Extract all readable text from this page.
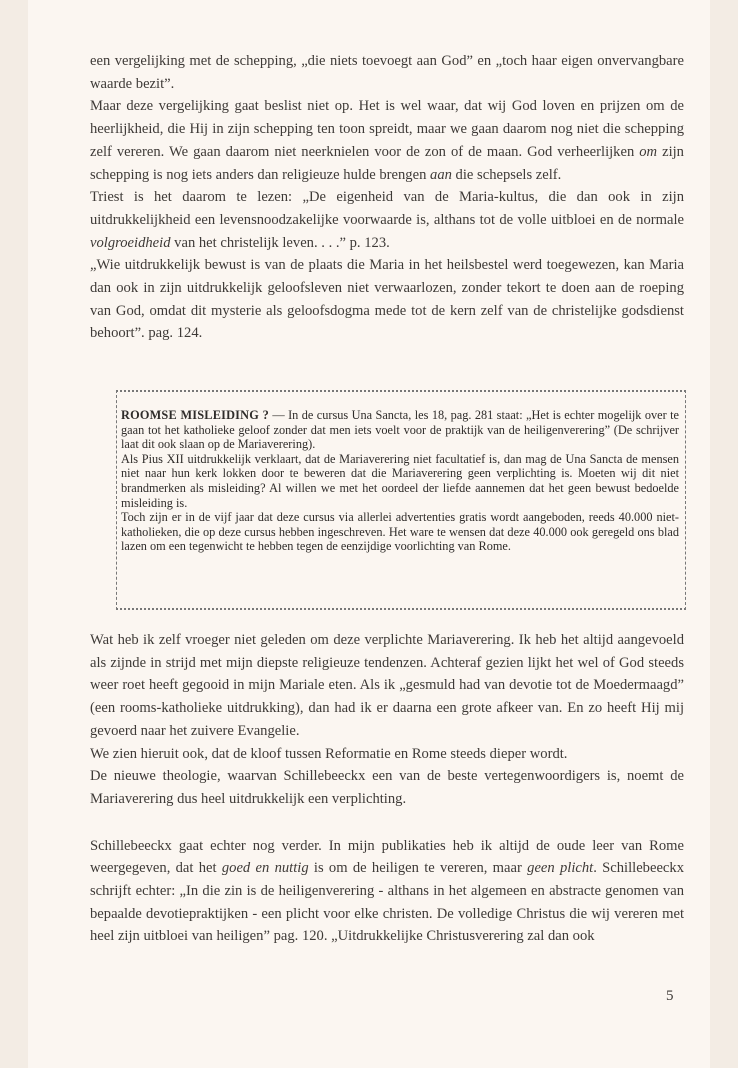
een vergelijking met de schepping, „die niets toevoegt aan God” en „toch haar eigen onvervangbare waarde bezit”.

Maar deze vergelijking gaat beslist niet op. Het is wel waar, dat wij God loven en prijzen om de heerlijkheid, die Hij in zijn schepping ten toon spreidt, maar we gaan daarom nog niet die schepping zelf vereren. We gaan daarom niet neerknielen voor de zon of de maan. God verheerlijken om zijn schepping is nog iets anders dan religieuze hulde brengen aan die schepsels zelf.

Triest is het daarom te lezen: „De eigenheid van de Maria-kultus, die dan ook in zijn uitdrukkelijkheid een levensnoodzakelijke voorwaarde is, althans tot de volle uitbloei en de normale volgroeidheid van het christelijk leven. . . .” p. 123.

„Wie uitdrukkelijk bewust is van de plaats die Maria in het heilsbestel werd toegewezen, kan Maria dan ook in zijn uitdrukkelijk geloofsleven niet verwaarlozen, zonder tekort te doen aan de roeping van God, omdat dit mysterie als geloofsdogma mede tot de kern zelf van de christelijke godsdienst behoort”. pag. 124.

ROOMSE MISLEIDING ? — In de cursus Una Sancta, les 18, pag. 281 staat: „Het is echter mogelijk over te gaan tot het katholieke geloof zonder dat men iets voelt voor de praktijk van de heiligenverering” (De schrijver laat dit ook slaan op de Mariaverering).

Als Pius XII uitdrukkelijk verklaart, dat de Mariaverering niet facultatief is, dan mag de Una Sancta de mensen niet naar hun kerk lokken door te beweren dat die Mariaverering geen verplichting is. Moeten wij dit niet brandmerken als misleiding? Al willen we met het oordeel der liefde aannemen dat het geen bewust bedoelde misleiding is.

Toch zijn er in de vijf jaar dat deze cursus via allerlei advertenties gratis wordt aangeboden, reeds 40.000 niet-katholieken, die op deze cursus hebben ingeschreven. Het ware te wensen dat deze 40.000 ook geregeld ons blad lazen om een tegenwicht te hebben tegen de eenzijdige voorlichting van Rome.

Wat heb ik zelf vroeger niet geleden om deze verplichte Mariaverering. Ik heb het altijd aangevoeld als zijnde in strijd met mijn diepste religieuze tendenzen. Achteraf gezien lijkt het wel of God steeds weer roet heeft gegooid in mijn Mariale eten. Als ik „gesmuld had van devotie tot de Moedermaagd” (een rooms-katholieke uitdrukking), dan had ik er daarna een grote afkeer van. En zo heeft Hij mij gevoerd naar het zuivere Evangelie.

We zien hieruit ook, dat de kloof tussen Reformatie en Rome steeds dieper wordt.

De nieuwe theologie, waarvan Schillebeeckx een van de beste vertegenwoordigers is, noemt de Mariaverering dus heel uitdrukkelijk een verplichting.

Schillebeeckx gaat echter nog verder. In mijn publikaties heb ik altijd de oude leer van Rome weergegeven, dat het goed en nuttig is om de heiligen te vereren, maar geen plicht. Schillebeeckx schrijft echter: „In die zin is de heiligenverering - althans in het algemeen en abstracte genomen van bepaalde devotiepraktijken - een plicht voor elke christen. De volledige Christus die wij vereren met heel zijn uitbloei van heiligen” pag. 120. „Uitdrukkelijke Christusverering zal dan ook

5
